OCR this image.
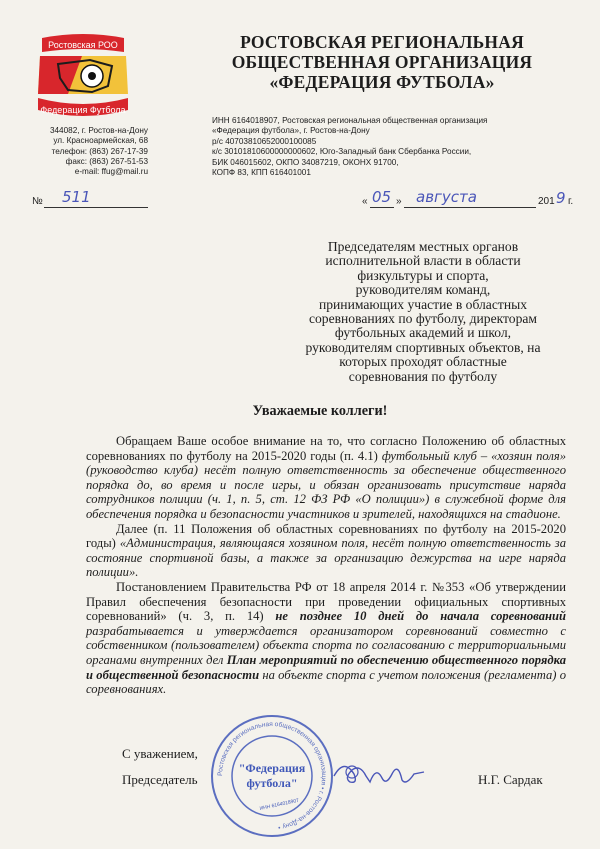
Ростовская РОО
Федерация Футбола
РОСТОВСКАЯ РЕГИОНАЛЬНАЯ
ОБЩЕСТВЕННАЯ ОРГАНИЗАЦИЯ
«ФЕДЕРАЦИЯ ФУТБОЛА»
344082, г. Ростов-на-Дону
ул. Красноармейская, 68
телефон: (863) 267-17-39
факс: (863) 267-51-53
e-mail: ffug@mail.ru
ИНН 6164018907, Ростовская региональная общественная организация
«Федерация футбола», г. Ростов-на-Дону
р/с 40703810652000100085
к/с 30101810600000000602, Юго-Западный банк Сбербанка России,
БИК 046015602, ОКПО 34087219, ОКОНХ 91700,
КОПФ 83, КПП 616401001
№ 511	« 05 » августа	201 9 г.
Председателям местных органов
исполнительной власти в области
физкультуры и спорта,
руководителям команд,
принимающих участие в областных
соревнованиях по футболу, директорам
футбольных академий и школ,
руководителям спортивных объектов, на
которых проходят областные
соревнования по футболу
Уважаемые коллеги!

Обращаем Ваше особое внимание на то, что согласно Положению об областных соревнованиях по футболу на 2015-2020 годы (п. 4.1) футбольный клуб – «хозяин поля» (руководство клуба) несёт полную ответственность за обеспечение общественного порядка до, во время и после игры, и обязан организовать присутствие наряда сотрудников полиции (ч. 1, п. 5, ст. 12 ФЗ РФ «О полиции») в служебной форме для обеспечения порядка и безопасности участников и зрителей, находящихся на стадионе.

Далее (п. 11 Положения об областных соревнованиях по футболу на 2015-2020 годы) «Администрация, являющаяся хозяином поля, несёт полную ответственность за состояние спортивной базы, а также за организацию дежурства на игре наряда полиции».

Постановлением Правительства РФ от 18 апреля 2014 г. №353 «Об утверждении Правил обеспечения безопасности при проведении официальных спортивных соревнований» (ч. 3, п. 14) не позднее 10 дней до начала соревнований разрабатывается и утверждается организатором соревнований совместно с собственником (пользователем) объекта спорта по согласованию с территориальными органами внутренних дел План мероприятий по обеспечению общественного порядка и общественной безопасности на объекте спорта с учетом положения (регламента) о соревнованиях.

С уважением,
Председатель	Н.Г. Сардак
Ростовская региональная общественная организация • г. Ростов-на-Дону •
"Федерация
футбола"
ИНН 6164018907
